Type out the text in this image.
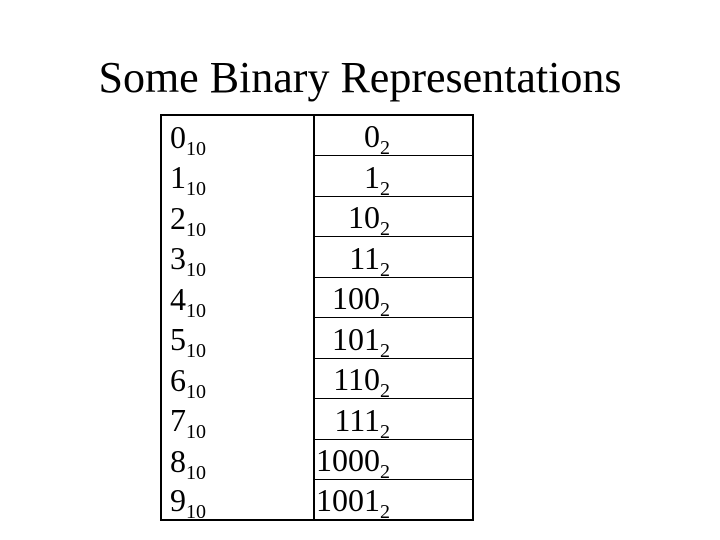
Some Binary Representations
$0_{10}$	$0_2$
$1_{10}$	$1_2$
$2_{10}$	$10_2$
$3_{10}$	$11_2$
$4_{10}$	$100_2$
$5_{10}$	$101_2$
$6_{10}$	$110_2$
$7_{10}$	$111_2$
$8_{10}$	$1000_2$
$9_{10}$	$1001_2$
